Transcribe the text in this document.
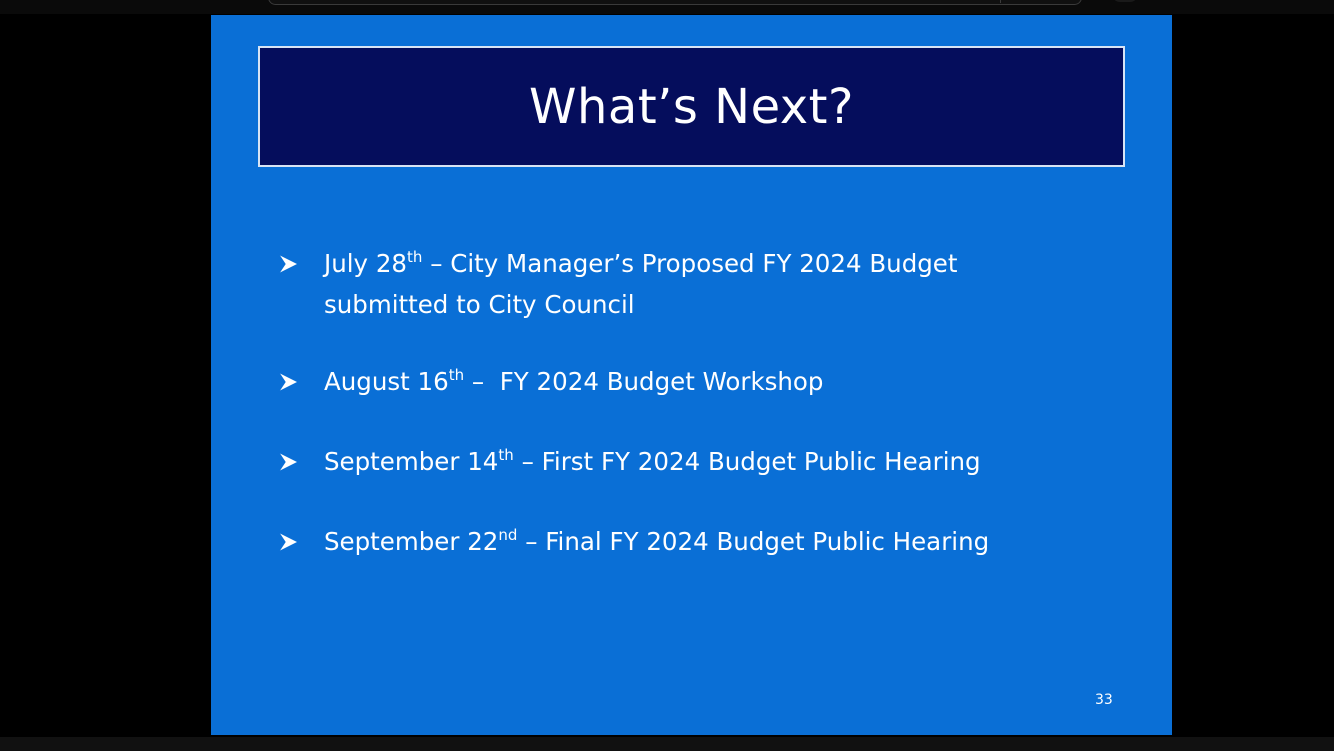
What’s Next?
July 28th – City Manager’s Proposed FY 2024 Budget
submitted to City Council
August 16th –  FY 2024 Budget Workshop
September 14th – First FY 2024 Budget Public Hearing
September 22nd – Final FY 2024 Budget Public Hearing
33
